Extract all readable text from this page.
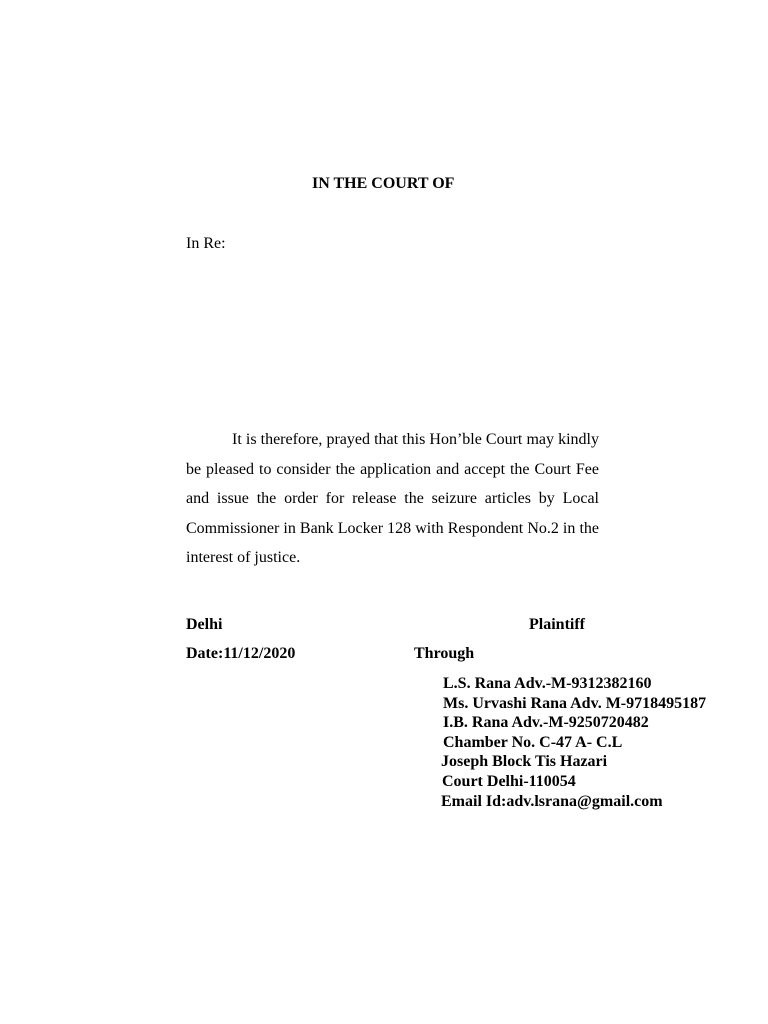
IN THE COURT OF
In Re:
It is therefore, prayed that this Hon’ble Court may kindly be pleased to consider the application and accept the Court Fee and issue the order for release the seizure articles by Local Commissioner in Bank Locker 128 with Respondent No.2 in the interest of justice.
Delhi	Plaintiff
Date:11/12/2020	Through
L.S. Rana Adv.-M-9312382160
Ms. Urvashi Rana Adv. M-9718495187
I.B. Rana Adv.-M-9250720482
Chamber No. C-47 A- C.L
Joseph Block Tis Hazari
Court Delhi-110054
Email Id:adv.lsrana@gmail.com
